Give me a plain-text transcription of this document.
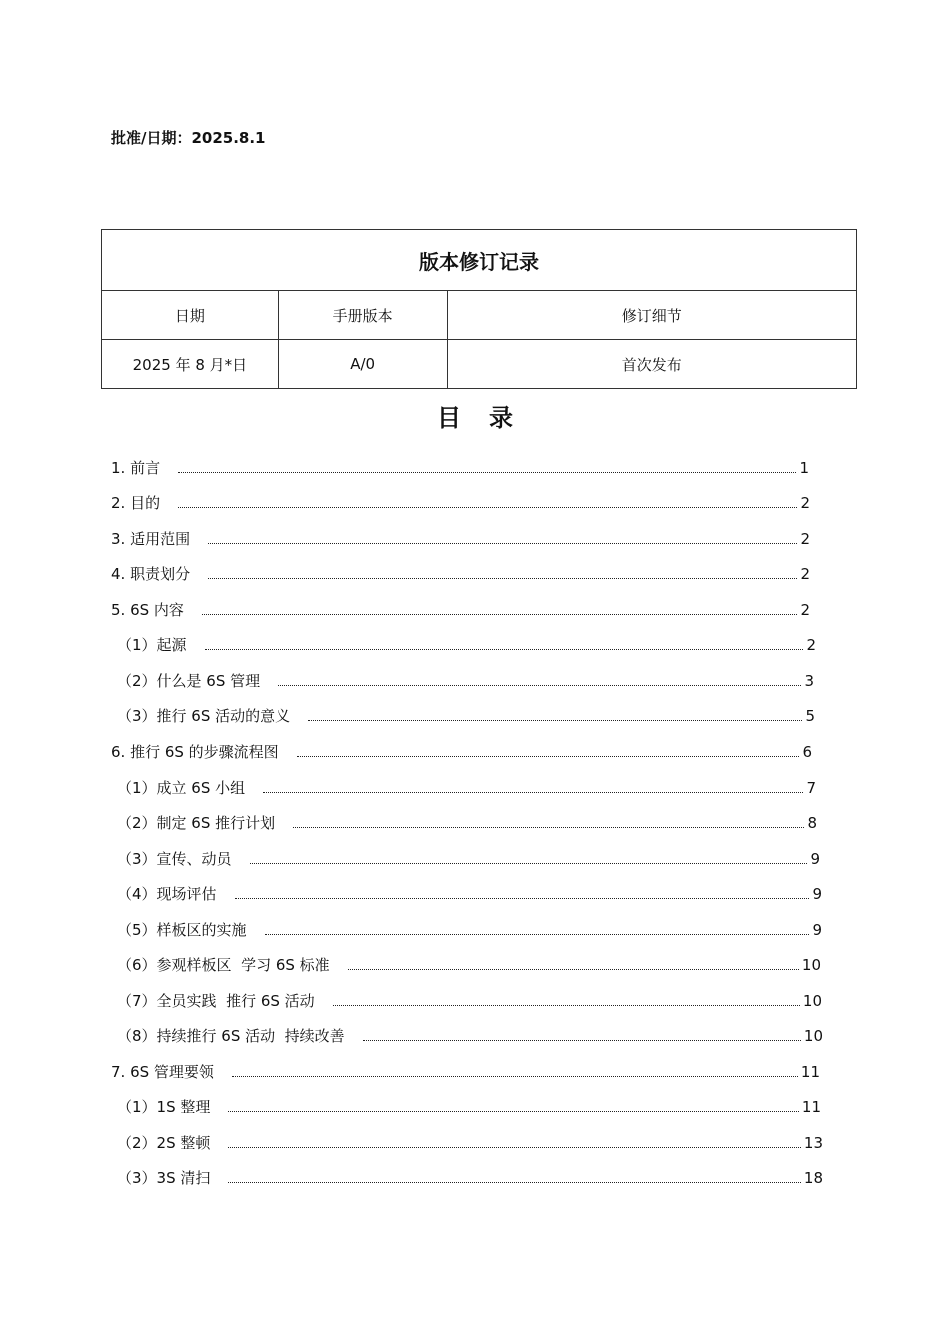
批准/日期：2025.8.1
版本修订记录		
日期	手册版本	修订细节
2025 年 8 月*日	A/0	首次发布
目录
1. 前言	1
2. 目的	2
3. 适用范围	2
4. 职责划分	2
5. 6S 内容	2
（1）起源	2
（2）什么是 6S 管理	3
（3）推行 6S 活动的意义	5
6. 推行 6S 的步骤流程图	6
（1）成立 6S 小组	7
（2）制定 6S 推行计划	8
（3）宣传、动员	9
（4）现场评估	9
（5）样板区的实施	9
（6）参观样板区  学习 6S 标准	10
（7）全员实践  推行 6S 活动	10
（8）持续推行 6S 活动  持续改善	10
7. 6S 管理要领	11
（1）1S 整理	11
（2）2S 整顿	13
（3）3S 清扫	18
